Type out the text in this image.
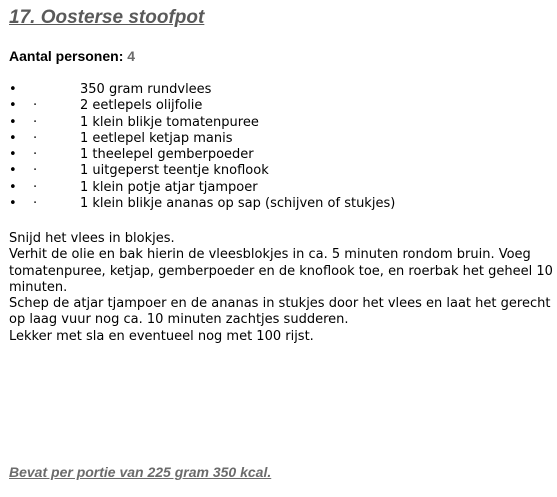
17. Oosterse stoofpot
Aantal personen: 4
•	350 gram rundvlees
• ·	2 eetlepels olijfolie
• ·	1 klein blikje tomatenpuree
• ·	1 eetlepel ketjap manis
• ·	1 theelepel gemberpoeder
• ·	1 uitgeperst teentje knoflook
• ·	1 klein potje atjar tjampoer
• ·	1 klein blikje ananas op sap (schijven of stukjes)

Snijd het vlees in blokjes.

Verhit de olie en bak hierin de vleesblokjes in ca. 5 minuten rondom bruin. Voeg tomatenpuree, ketjap, gemberpoeder en de knoflook toe, en roerbak het geheel 10 minuten.

Schep de atjar tjampoer en de ananas in stukjes door het vlees en laat het gerecht op laag vuur nog ca. 10 minuten zachtjes sudderen.

Lekker met sla en eventueel nog met 100 rijst.

Bevat per portie van 225 gram 350 kcal.
